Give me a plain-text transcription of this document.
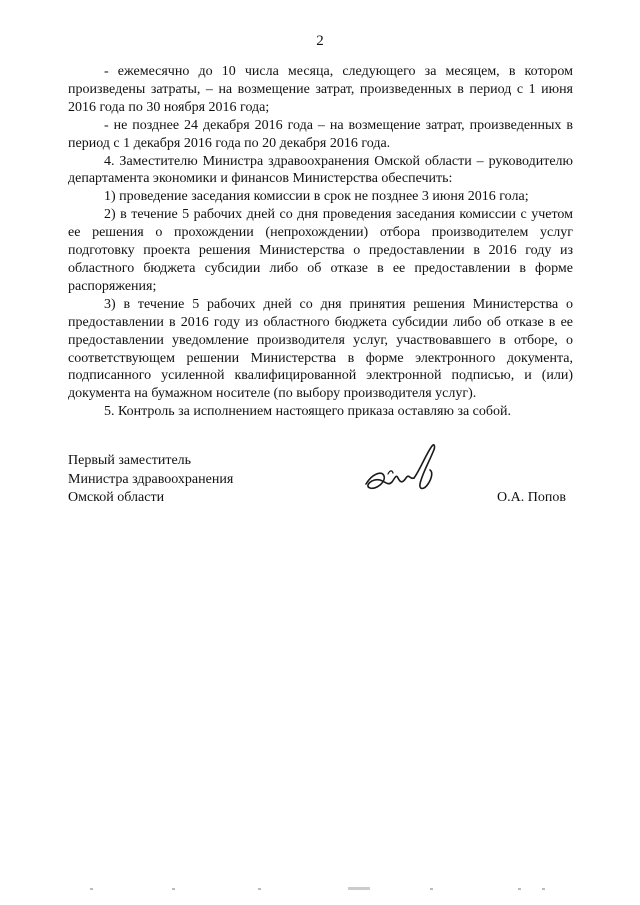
2

- ежемесячно до 10 числа месяца, следующего за месяцем, в котором произведены затраты, – на возмещение затрат, произведенных в период с 1 июня 2016 года по 30 ноября 2016 года;

- не позднее 24 декабря 2016 года – на возмещение затрат, произведенных в период с 1 декабря 2016 года по 20 декабря 2016 года.

4. Заместителю Министра здравоохранения Омской области – руководителю департамента экономики и финансов Министерства обеспечить:

1) проведение заседания комиссии в срок не позднее 3 июня 2016 гола;

2) в течение 5 рабочих дней со дня проведения заседания комиссии с учетом ее решения о прохождении (непрохождении) отбора производителем услуг подготовку проекта решения Министерства о предоставлении в 2016 году из областного бюджета субсидии либо об отказе в ее предоставлении в форме распоряжения;

3) в течение 5 рабочих дней со дня принятия решения Министерства о предоставлении в 2016 году из областного бюджета субсидии либо об отказе в ее предоставлении уведомление производителя услуг, участвовавшего в отборе, о соответствующем решении Министерства в форме электронного документа, подписанного усиленной квалифицированной электронной подписью, и (или) документа на бумажном носителе (по выбору производителя услуг).

5. Контроль за исполнением настоящего приказа оставляю за собой.

Первый заместитель
Министра здравоохранения
Омской области	О.А. Попов
